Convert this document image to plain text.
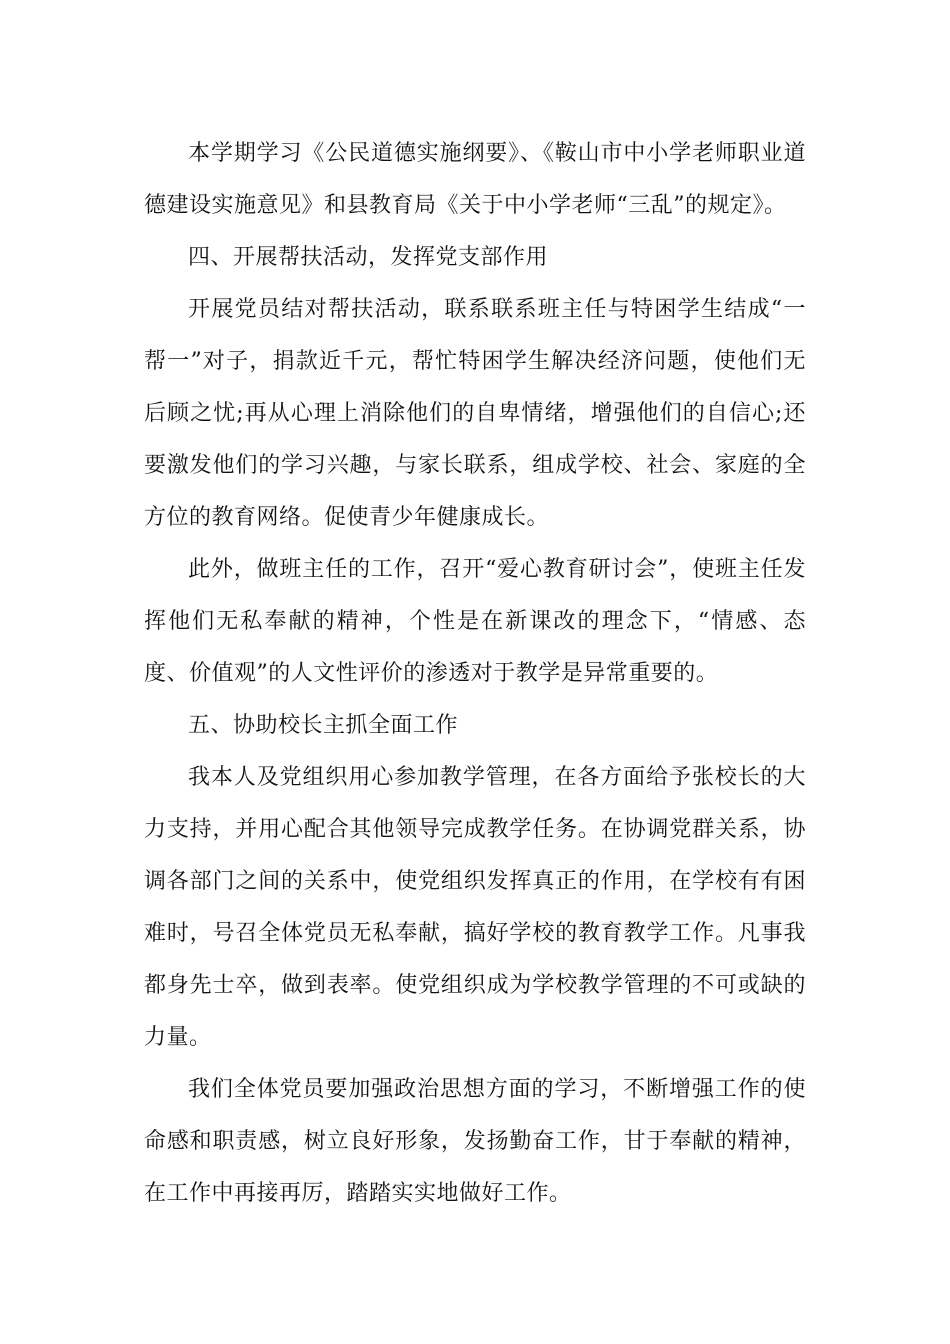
本学期学习《公民道德实施纲要》、《鞍山市中小学老师职业道德建设实施意见》和县教育局《关于中小学老师“三乱”的规定》。

四、开展帮扶活动，发挥党支部作用

开展党员结对帮扶活动，联系联系班主任与特困学生结成“一帮一”对子，捐款近千元，帮忙特困学生解决经济问题，使他们无后顾之忧;再从心理上消除他们的自卑情绪，增强他们的自信心;还要激发他们的学习兴趣，与家长联系，组成学校、社会、家庭的全方位的教育网络。促使青少年健康成长。

此外，做班主任的工作，召开“爱心教育研讨会”，使班主任发挥他们无私奉献的精神，个性是在新课改的理念下，“情感、态度、价值观”的人文性评价的渗透对于教学是异常重要的。

五、协助校长主抓全面工作

我本人及党组织用心参加教学管理，在各方面给予张校长的大力支持，并用心配合其他领导完成教学任务。在协调党群关系，协调各部门之间的关系中，使党组织发挥真正的作用，在学校有有困难时，号召全体党员无私奉献，搞好学校的教育教学工作。凡事我都身先士卒，做到表率。使党组织成为学校教学管理的不可或缺的力量。

我们全体党员要加强政治思想方面的学习，不断增强工作的使命感和职责感，树立良好形象，发扬勤奋工作，甘于奉献的精神，在工作中再接再厉，踏踏实实地做好工作。
